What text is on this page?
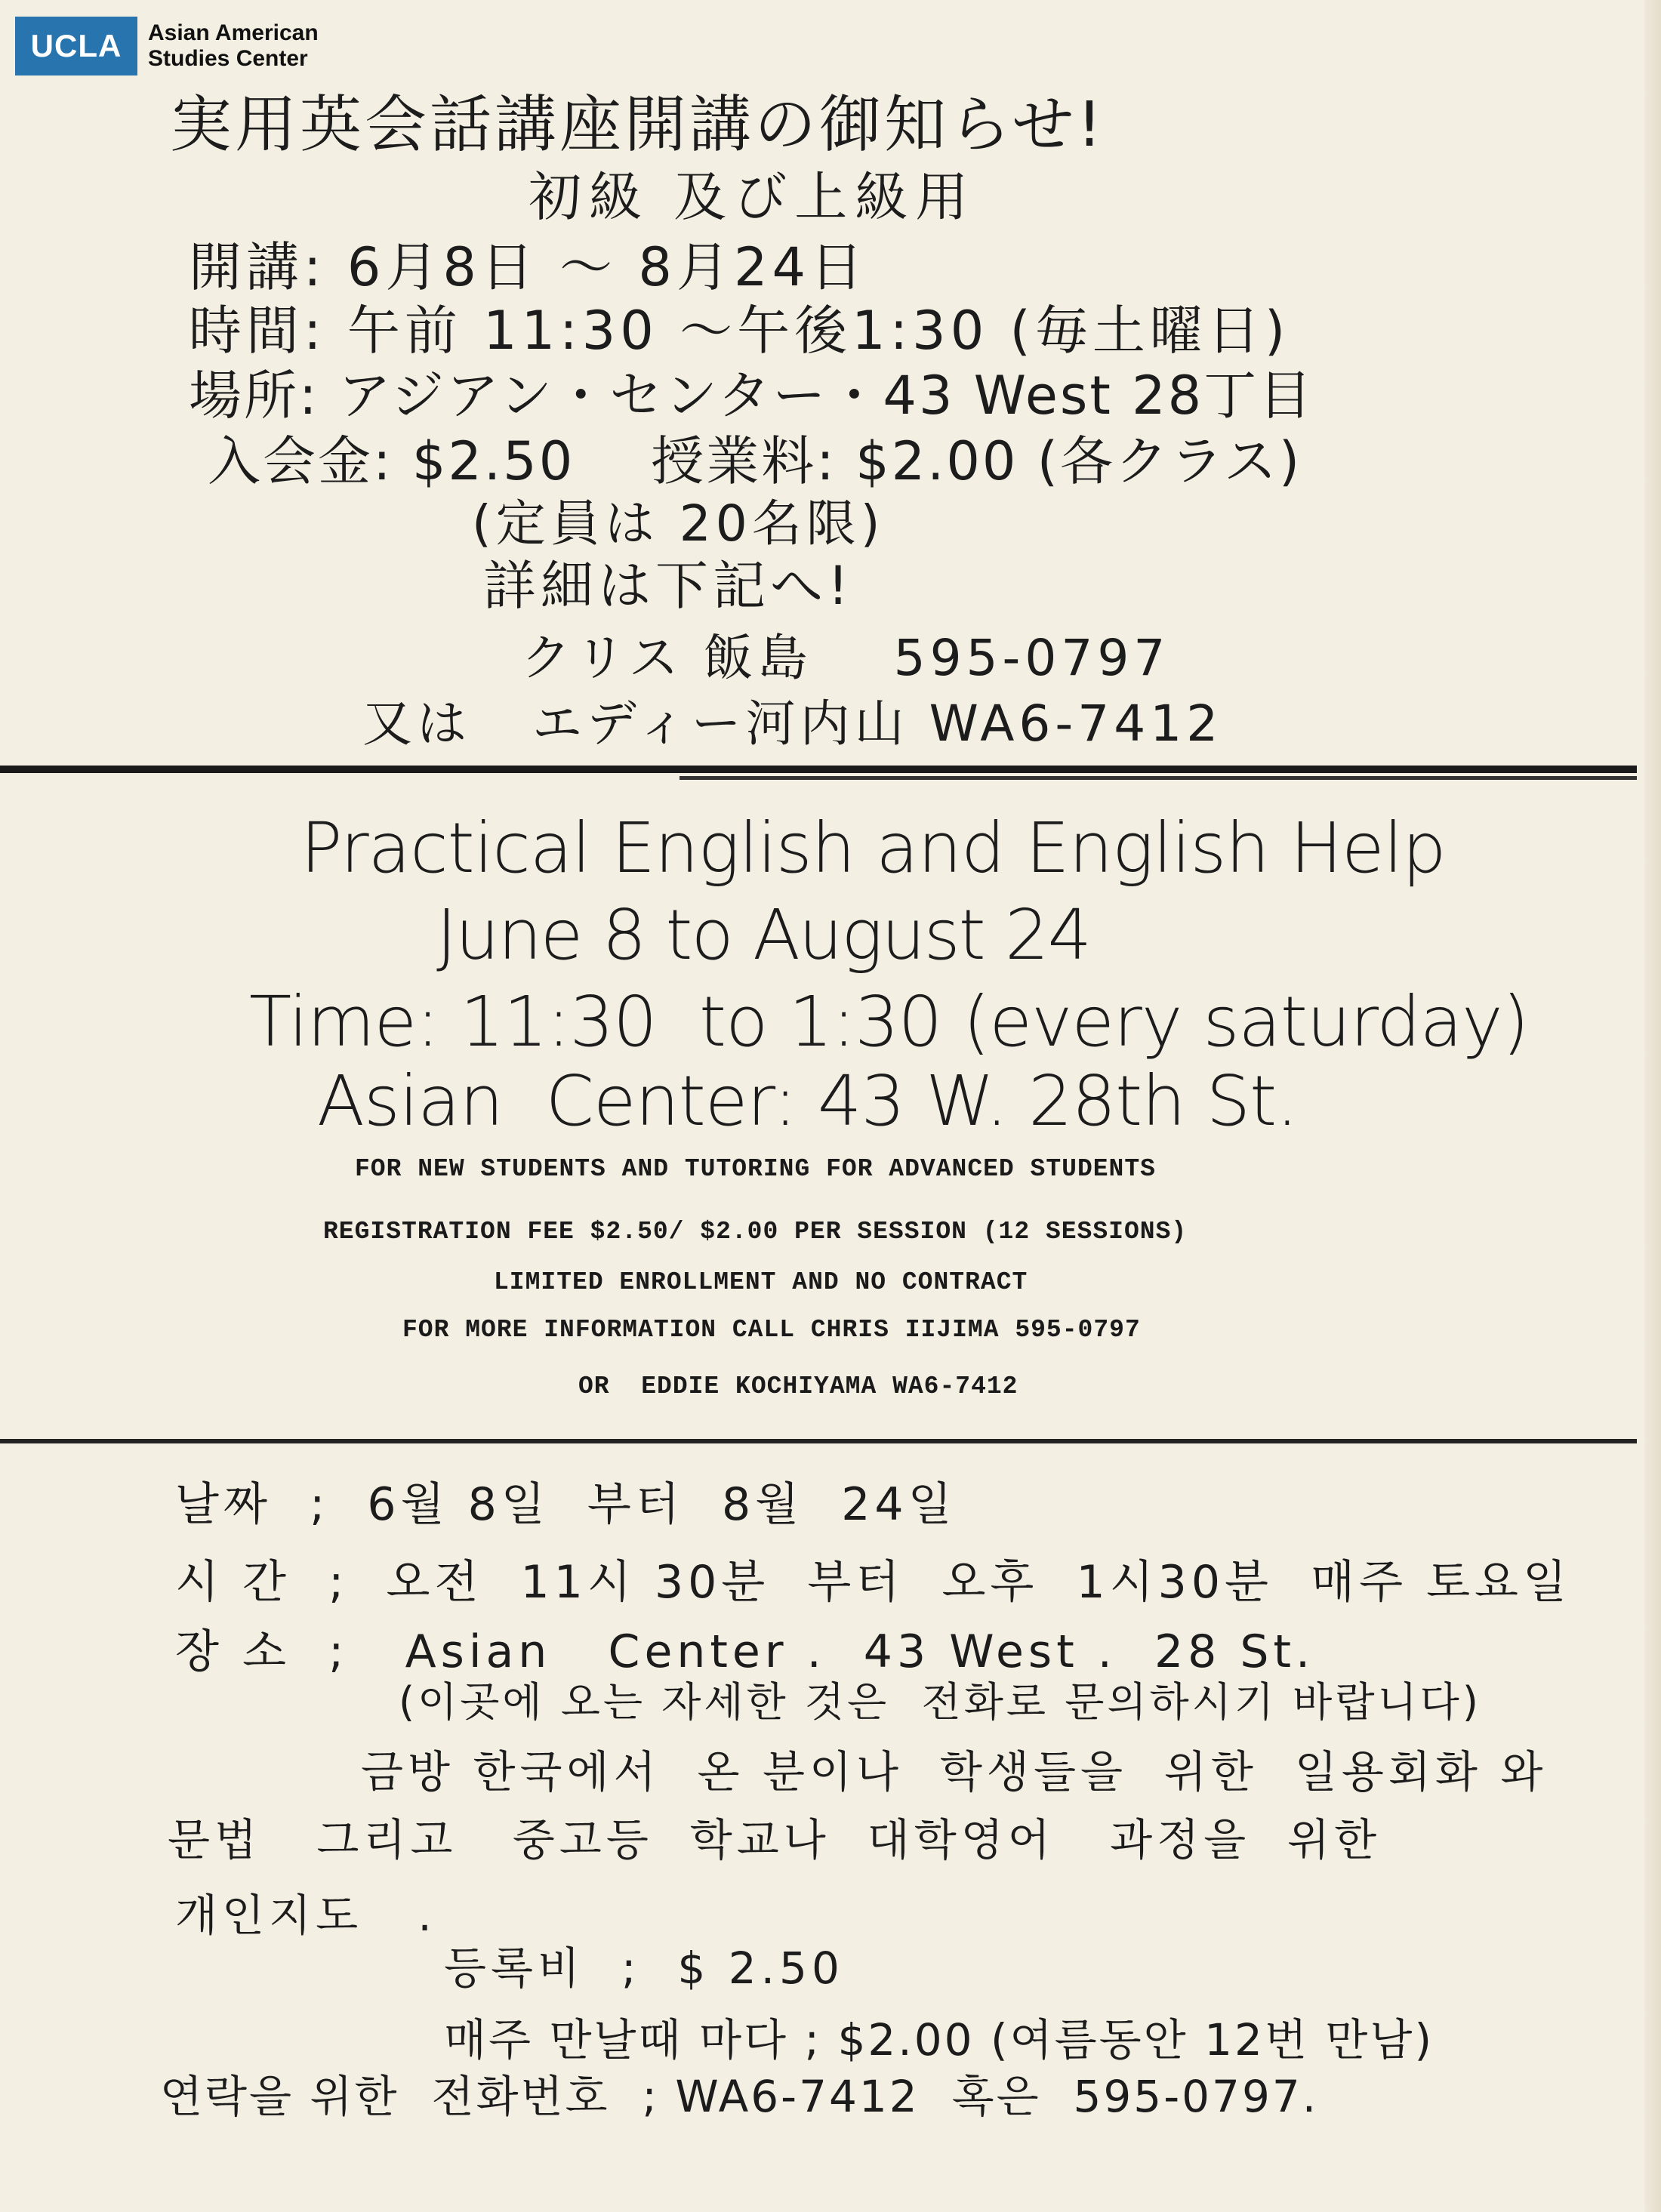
UCLA	Asian American
Studies Center
実用英会話講座開講の御知らせ!
初級 及び上級用
開講: 6月8日 〜 8月24日
時間: 午前 11:30 〜午後1:30 (毎土曜日)
場所: アジアン・センター・43 West 28丁目
入会金: $2.50    授業料: $2.00 (各クラス)
(定員は 20名限)
詳細は下記へ!
クリス 飯島    595-0797
又は   エディー河内山 WA6-7412
Practical English and English Help
June 8 to August 24
Time: 11:30  to 1:30 (every saturday)
Asian  Center: 43 W. 28th St.
FOR NEW STUDENTS AND TUTORING FOR ADVANCED STUDENTS
REGISTRATION FEE $2.50/ $2.00 PER SESSION (12 SESSIONS)
LIMITED ENROLLMENT AND NO CONTRACT
FOR MORE INFORMATION CALL CHRIS IIJIMA 595-0797
OR  EDDIE KOCHIYAMA WA6-7412
날짜  ;  6월 8일  부터  8월  24일
시 간  ;  오전  11시 30분  부터  오후  1시30분  매주 토요일
장 소  ;   Asian   Center .  43 West .  28 St.
(이곳에 오는 자세한 것은  전화로 문의하시기 바랍니다)
금방 한국에서  온 분이나  학생들을  위한  일용회화 와
문법   그리고   중고등  학교나  대학영어   과정을  위한
개인지도   .
등록비  ;  $ 2.50
매주 만날때 마다 ; $2.00 (여름동안 12번 만남)
연락을 위한  전화번호  ; WA6-7412  혹은  595-0797.
